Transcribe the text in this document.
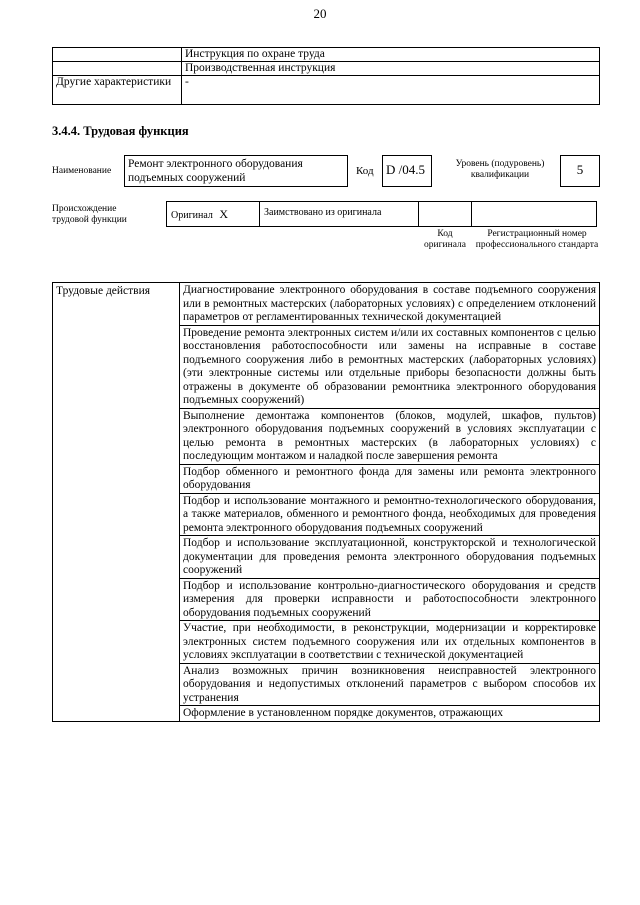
20
	Инструкция по охране труда
	Производственная инструкция
Другие характеристики	-
3.4.4. Трудовая функция
Наименование
Ремонт электронного оборудования подъемных сооружений
Код D /04.5	Уровень (подуровень) квалификации	5
Происхождение трудовой функции	Оригинал X	Заимствовано из оригинала
Код оригинала
Регистрационный номер профессионального стандарта
Трудовые действия	Диагностирование электронного оборудования в составе подъемного сооружения или в ремонтных мастерских (лабораторных условиях) с определением отклонений параметров от регламентированных технической документацией
Проведение ремонта электронных систем и/или их составных компонентов с целью восстановления работоспособности или замены на исправные в составе подъемного сооружения либо в ремонтных мастерских (лабораторных условиях) (эти электронные системы или отдельные приборы безопасности должны быть отражены в документе об образовании ремонтника электронного оборудования подъемных сооружений)
Выполнение демонтажа компонентов (блоков, модулей, шкафов, пультов) электронного оборудования подъемных сооружений в условиях эксплуатации с целью ремонта в ремонтных мастерских (в лабораторных условиях) с последующим монтажом и наладкой после завершения ремонта
Подбор обменного и ремонтного фонда для замены или ремонта электронного оборудования
Подбор и использование монтажного и ремонтно-технологического оборудования, а также материалов, обменного и ремонтного фонда, необходимых для проведения ремонта электронного оборудования подъемных сооружений
Подбор и использование эксплуатационной, конструкторской и технологической документации для проведения ремонта электронного оборудования подъемных сооружений
Подбор и использование контрольно-диагностического оборудования и средств измерения для проверки исправности и работоспособности электронного оборудования подъемных сооружений
Участие, при необходимости, в реконструкции, модернизации и корректировке электронных систем подъемного сооружения или их отдельных компонентов в условиях эксплуатации в соответствии с технической документацией
Анализ возможных причин возникновения неисправностей электронного оборудования и недопустимых отклонений параметров с выбором способов их устранения
Оформление в установленном порядке документов, отражающих
